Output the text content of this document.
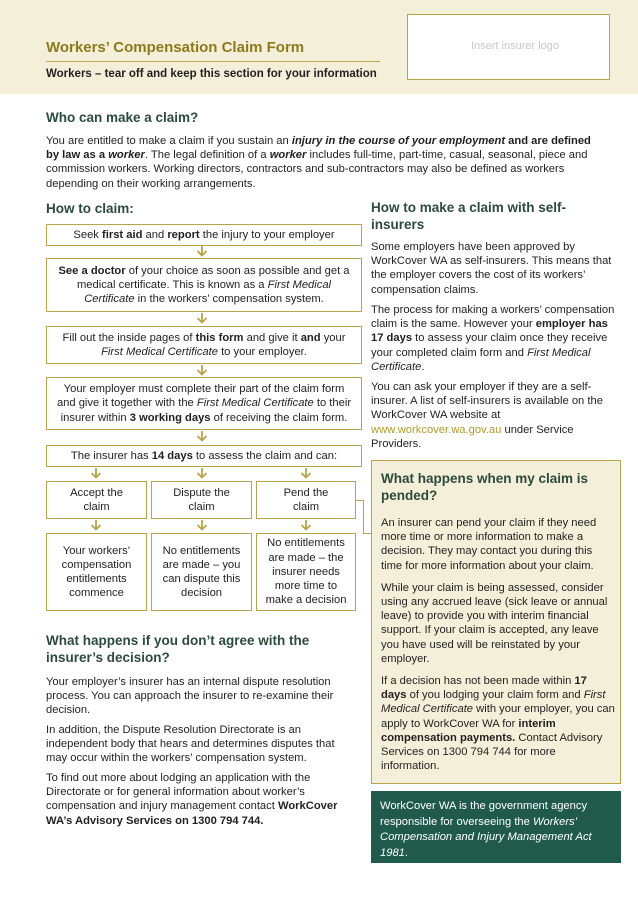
Workers’ Compensation Claim Form
Workers – tear off and keep this section for your information
Insert insurer logo
Who can make a claim?
You are entitled to make a claim if you sustain an injury in the course of your employment and are defined by law as a worker. The legal definition of a worker includes full-time, part-time, casual, seasonal, piece and commission workers. Working directors, contractors and sub-contractors may also be defined as workers depending on their working arrangements.
How to claim:
Seek first aid and report the injury to your employer
See a doctor of your choice as soon as possible and get a medical certificate. This is known as a First Medical Certificate in the workers’ compensation system.
Fill out the inside pages of this form and give it and your First Medical Certificate to your employer.
Your employer must complete their part of the claim form and give it together with the First Medical Certificate to their insurer within 3 working days of receiving the claim form.
The insurer has 14 days to assess the claim and can:
Accept the claim
Dispute the claim
Pend the claim
Your workers’ compensation entitlements commence
No entitlements are made – you can dispute this decision
No entitlements are made – the insurer needs more time to make a decision
What happens if you don’t agree with the insurer’s decision?
Your employer’s insurer has an internal dispute resolution process. You can approach the insurer to re-examine their decision.
In addition, the Dispute Resolution Directorate is an independent body that hears and determines disputes that may occur within the workers’ compensation system.
To find out more about lodging an application with the Directorate or for general information about worker’s compensation and injury management contact WorkCover WA’s Advisory Services on 1300 794 744.
How to make a claim with self-insurers
Some employers have been approved by WorkCover WA as self-insurers. This means that the employer covers the cost of its workers’ compensation claims.
The process for making a workers’ compensation claim is the same. However your employer has 17 days to assess your claim once they receive your completed claim form and First Medical Certificate.
You can ask your employer if they are a self-insurer. A list of self-insurers is available on the WorkCover WA website at www.workcover.wa.gov.au under Service Providers.
What happens when my claim is pended?
An insurer can pend your claim if they need more time or more information to make a decision. They may contact you during this time for more information about your claim.
While your claim is being assessed, consider using any accrued leave (sick leave or annual leave) to provide you with interim financial support. If your claim is accepted, any leave you have used will be reinstated by your employer.
If a decision has not been made within 17 days of you lodging your claim form and First Medical Certificate with your employer, you can apply to WorkCover WA for interim compensation payments. Contact Advisory Services on 1300 794 744 for more information.
WorkCover WA is the government agency responsible for overseeing the Workers’ Compensation and Injury Management Act 1981.
